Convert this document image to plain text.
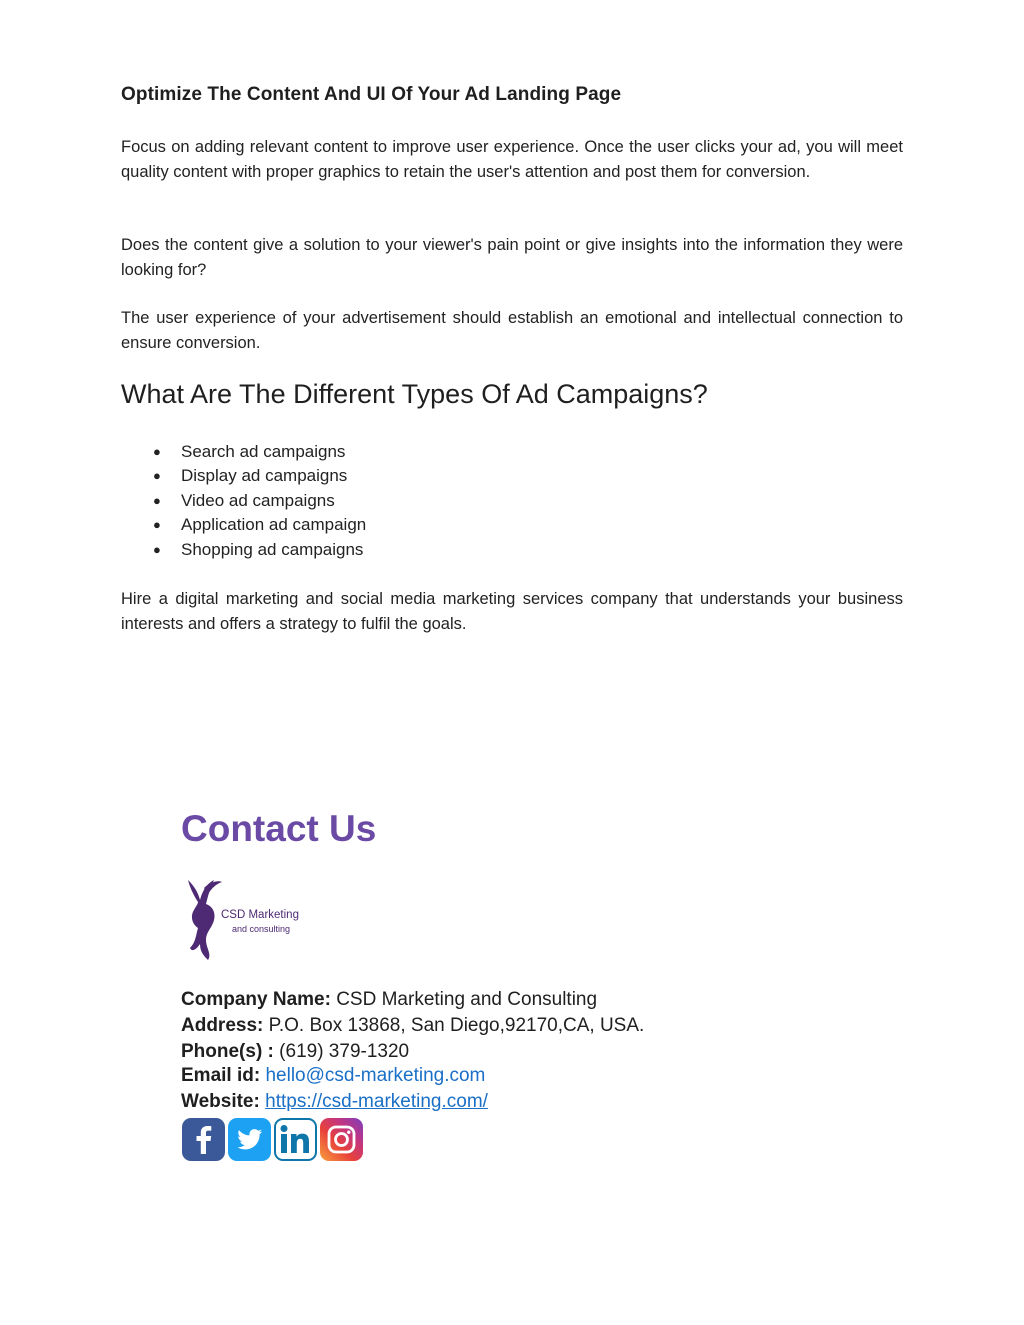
Optimize The Content And UI Of Your Ad Landing Page

Focus on adding relevant content to improve user experience. Once the user clicks your ad, you will meet quality content with proper graphics to retain the user's attention and post them for conversion.

Does the content give a solution to your viewer's pain point or give insights into the information they were looking for?

The user experience of your advertisement should establish an emotional and intellectual connection to ensure conversion.

What Are The Different Types Of Ad Campaigns?
● Search ad campaigns
● Display ad campaigns
● Video ad campaigns
● Application ad campaign
● Shopping ad campaigns

Hire a digital marketing and social media marketing services company that understands your business interests and offers a strategy to fulfil the goals.

Contact Us
CSD Marketing
and consulting

Company Name: CSD Marketing and Consulting

Address: P.O. Box 13868, San Diego,92170,CA, USA.

Phone(s) : (619) 379-1320

Email id: hello@csd-marketing.com

Website: https://csd-marketing.com/
